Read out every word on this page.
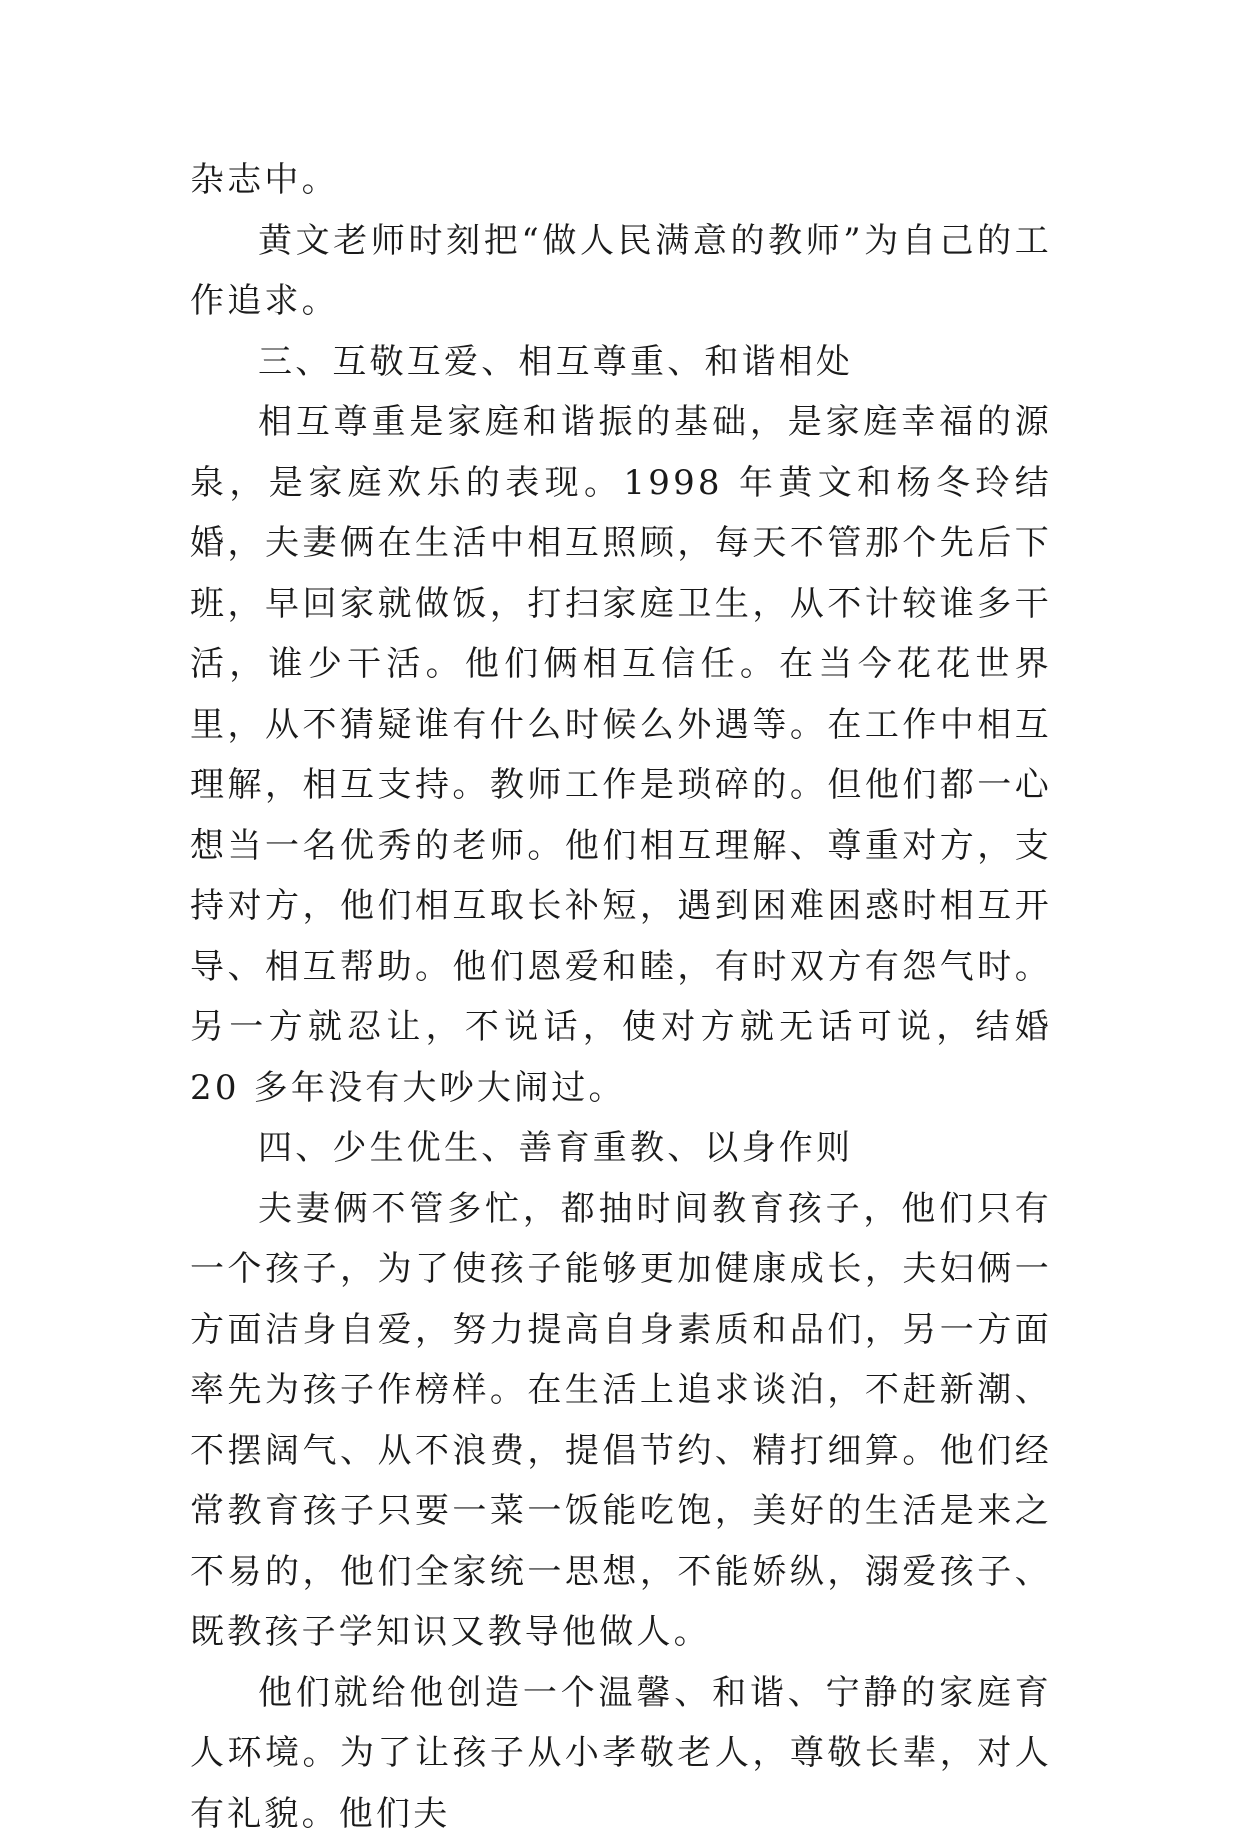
杂志中。

黄文老师时刻把“做人民满意的教师”为自己的工作追求。

三、互敬互爱、相互尊重、和谐相处

相互尊重是家庭和谐振的基础，是家庭幸福的源泉，是家庭欢乐的表现。1998 年黄文和杨冬玲结婚，夫妻俩在生活中相互照顾，每天不管那个先后下班，早回家就做饭，打扫家庭卫生，从不计较谁多干活，谁少干活。他们俩相互信任。在当今花花世界里，从不猜疑谁有什么时候么外遇等。在工作中相互理解，相互支持。教师工作是琐碎的。但他们都一心想当一名优秀的老师。他们相互理解、尊重对方，支持对方，他们相互取长补短，遇到困难困惑时相互开导、相互帮助。他们恩爱和睦，有时双方有怨气时。另一方就忍让，不说话，使对方就无话可说，结婚 20 多年没有大吵大闹过。

四、少生优生、善育重教、以身作则

夫妻俩不管多忙，都抽时间教育孩子，他们只有一个孩子，为了使孩子能够更加健康成长，夫妇俩一方面洁身自爱，努力提高自身素质和品们，另一方面率先为孩子作榜样。在生活上追求谈泊，不赶新潮、不摆阔气、从不浪费，提倡节约、精打细算。他们经常教育孩子只要一菜一饭能吃饱，美好的生活是来之不易的，他们全家统一思想，不能娇纵，溺爱孩子、既教孩子学知识又教导他做人。

他们就给他创造一个温馨、和谐、宁静的家庭育人环境。为了让孩子从小孝敬老人，尊敬长辈，对人有礼貌。他们夫
